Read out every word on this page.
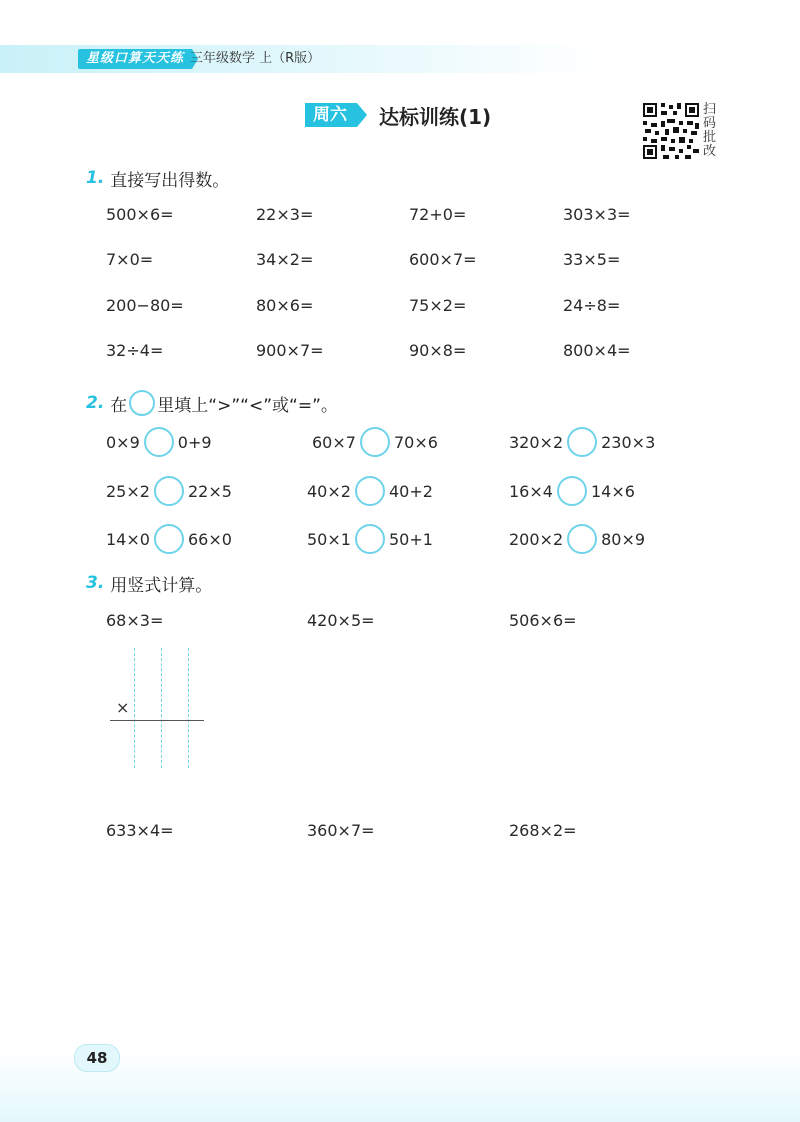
星级口算天天练 三年级数学 上（R版）
周六	达标训练(1)	扫码批改
1. 直接写出得数。
500×6=	22×3=	72+0=	303×3=
7×0=	34×2=	600×7=	33×5=
200−80=	80×6=	75×2=	24÷8=
32÷4=	900×7=	90×8=	800×4=
2. 在 里填上“>”“<”或“=”。
0×9 0+9	60×7 70×6	320×2 230×3
25×2 22×5	40×2 40+2	16×4 14×6
14×0 66×0	50×1 50+1	200×2 80×9
3. 用竖式计算。
68×3=	420×5=	506×6=
×
633×4=	360×7=	268×2=
48
